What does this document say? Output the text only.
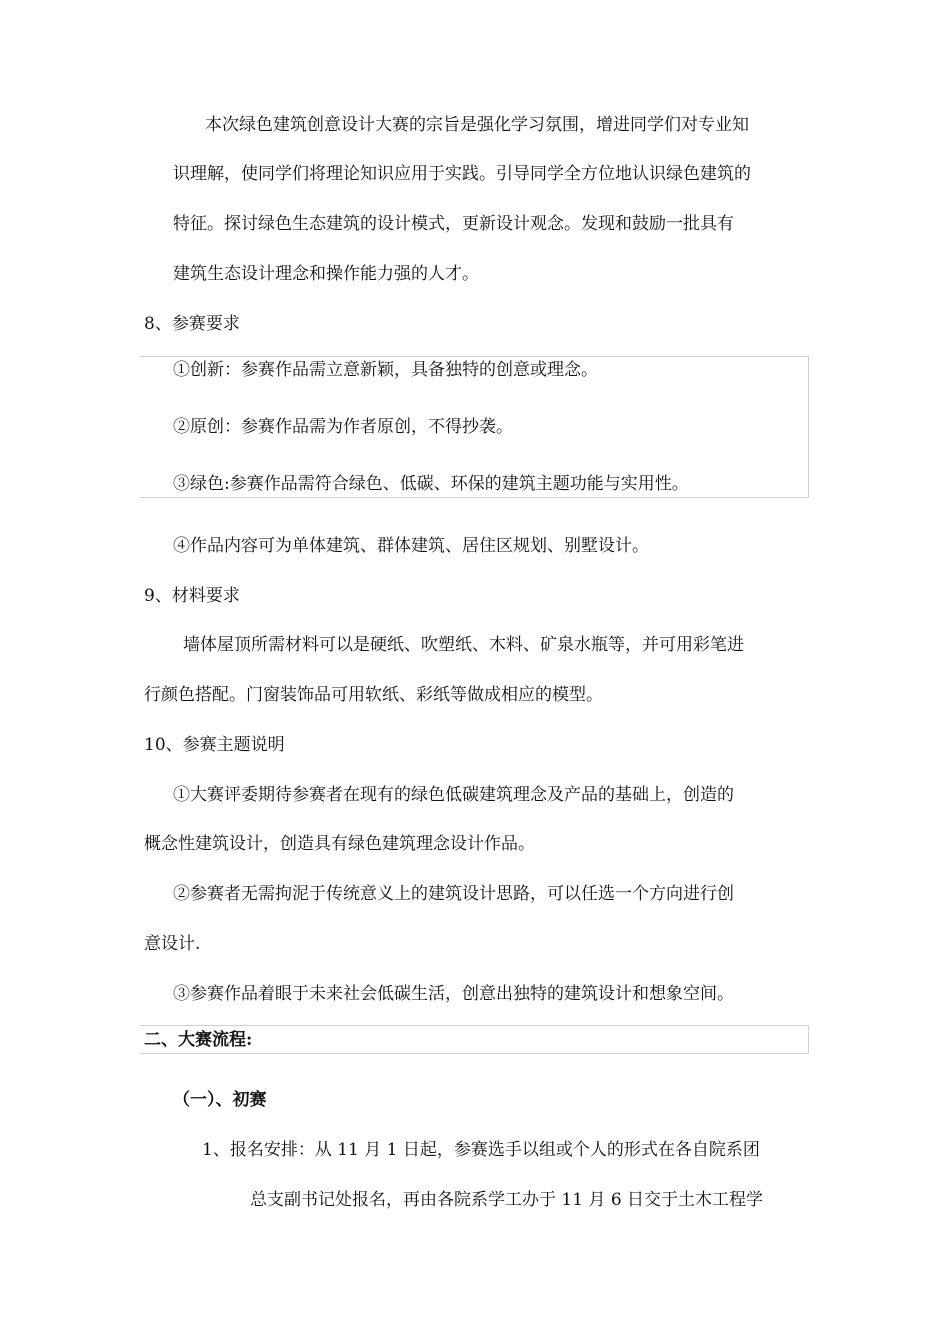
本次绿色建筑创意设计大赛的宗旨是强化学习氛围，增进同学们对专业知
识理解，使同学们将理论知识应用于实践。引导同学全方位地认识绿色建筑的
特征。探讨绿色生态建筑的设计模式，更新设计观念。发现和鼓励一批具有
建筑生态设计理念和操作能力强的人才。
8、参赛要求
①创新：参赛作品需立意新颖，具备独特的创意或理念。
②原创：参赛作品需为作者原创，不得抄袭。
③绿色:参赛作品需符合绿色、低碳、环保的建筑主题功能与实用性。
④作品内容可为单体建筑、群体建筑、居住区规划、别墅设计。
9、材料要求
墙体屋顶所需材料可以是硬纸、吹塑纸、木料、矿泉水瓶等，并可用彩笔进
行颜色搭配。门窗装饰品可用软纸、彩纸等做成相应的模型。
10、参赛主题说明
①大赛评委期待参赛者在现有的绿色低碳建筑理念及产品的基础上，创造的
概念性建筑设计，创造具有绿色建筑理念设计作品。
②参赛者无需拘泥于传统意义上的建筑设计思路，可以任选一个方向进行创
意设计.
③参赛作品着眼于未来社会低碳生活，创意出独特的建筑设计和想象空间。
二、大赛流程:
（一）、初赛
1、报名安排：从 11 月 1 日起，参赛选手以组或个人的形式在各自院系团
总支副书记处报名，再由各院系学工办于 11 月 6 日交于土木工程学
